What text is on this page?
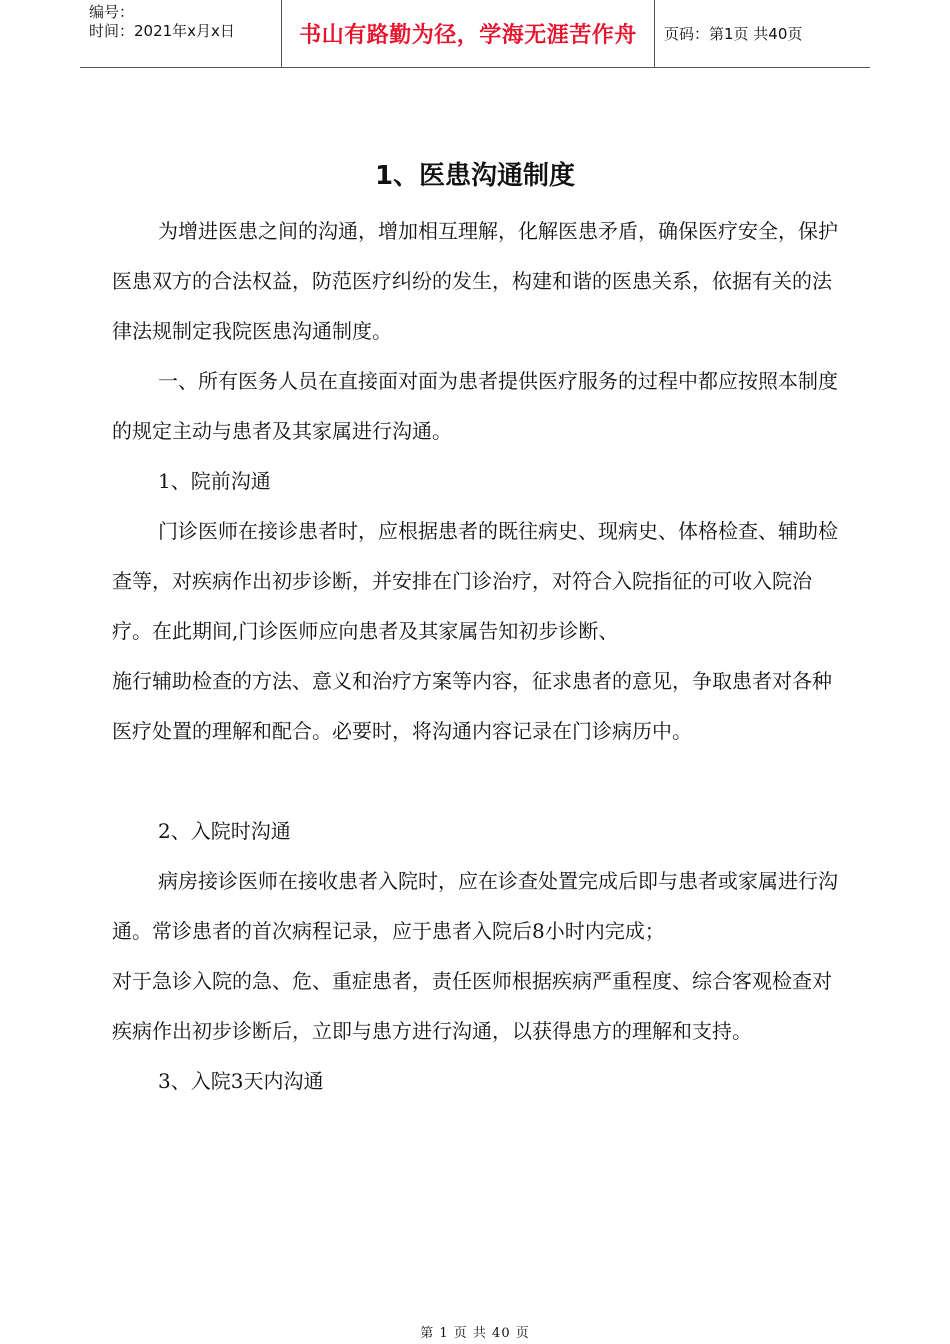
编号：
时间：2021年x月x日	书山有路勤为径，学海无涯苦作舟	页码：第1页 共40页
1、医患沟通制度

为增进医患之间的沟通，增加相互理解，化解医患矛盾，确保医疗安全，保护医患双方的合法权益，防范医疗纠纷的发生，构建和谐的医患关系，依据有关的法律法规制定我院医患沟通制度。

一、所有医务人员在直接面对面为患者提供医疗服务的过程中都应按照本制度的规定主动与患者及其家属进行沟通。

1、院前沟通

门诊医师在接诊患者时，应根据患者的既往病史、现病史、体格检查、辅助检查等，对疾病作出初步诊断，并安排在门诊治疗，对符合入院指征的可收入院治疗。在此期间,门诊医师应向患者及其家属告知初步诊断、

施行辅助检查的方法、意义和治疗方案等内容，征求患者的意见，争取患者对各种医疗处置的理解和配合。必要时，将沟通内容记录在门诊病历中。

2、入院时沟通

病房接诊医师在接收患者入院时，应在诊查处置完成后即与患者或家属进行沟通。常诊患者的首次病程记录，应于患者入院后8小时内完成；

对于急诊入院的急、危、重症患者，责任医师根据疾病严重程度、综合客观检查对疾病作出初步诊断后，立即与患方进行沟通，以获得患方的理解和支持。

3、入院3天内沟通

第 1 页 共 40 页
